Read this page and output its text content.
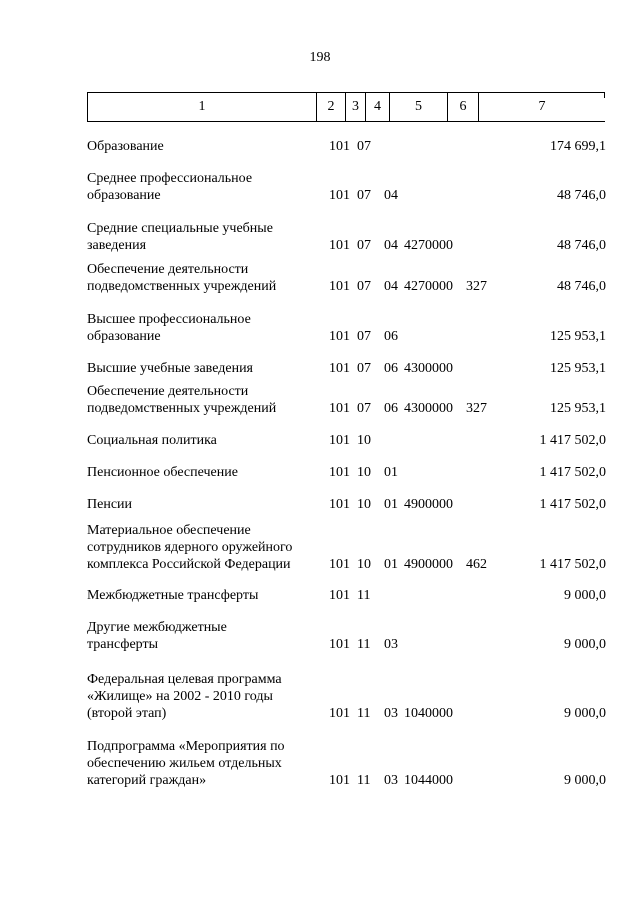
198
1	2	3	4	5	6	7
Образование	101 07	174 699,1
Среднее профессиональное
образование	101 07 04	48 746,0
Средние специальные учебные
заведения	101 07 04 4270000	48 746,0
Обеспечение деятельности
подведомственных учреждений	101 07 04 4270000 327	48 746,0
Высшее профессиональное
образование	101 07 06	125 953,1
Высшие учебные заведения	101 07 06 4300000	125 953,1
Обеспечение деятельности
подведомственных учреждений	101 07 06 4300000 327	125 953,1
Социальная политика	101 10	1 417 502,0
Пенсионное обеспечение	101 10 01	1 417 502,0
Пенсии	101 10 01 4900000	1 417 502,0
Материальное обеспечение
сотрудников ядерного оружейного
комплекса Российской Федерации	101 10 01 4900000 462	1 417 502,0
Межбюджетные трансферты	101 11	9 000,0
Другие межбюджетные
трансферты	101 11 03	9 000,0
Федеральная целевая программа
«Жилище» на 2002 - 2010 годы
(второй этап)	101 11 03 1040000	9 000,0
Подпрограмма «Мероприятия по
обеспечению жильем отдельных
категорий граждан»	101 11 03 1044000	9 000,0
